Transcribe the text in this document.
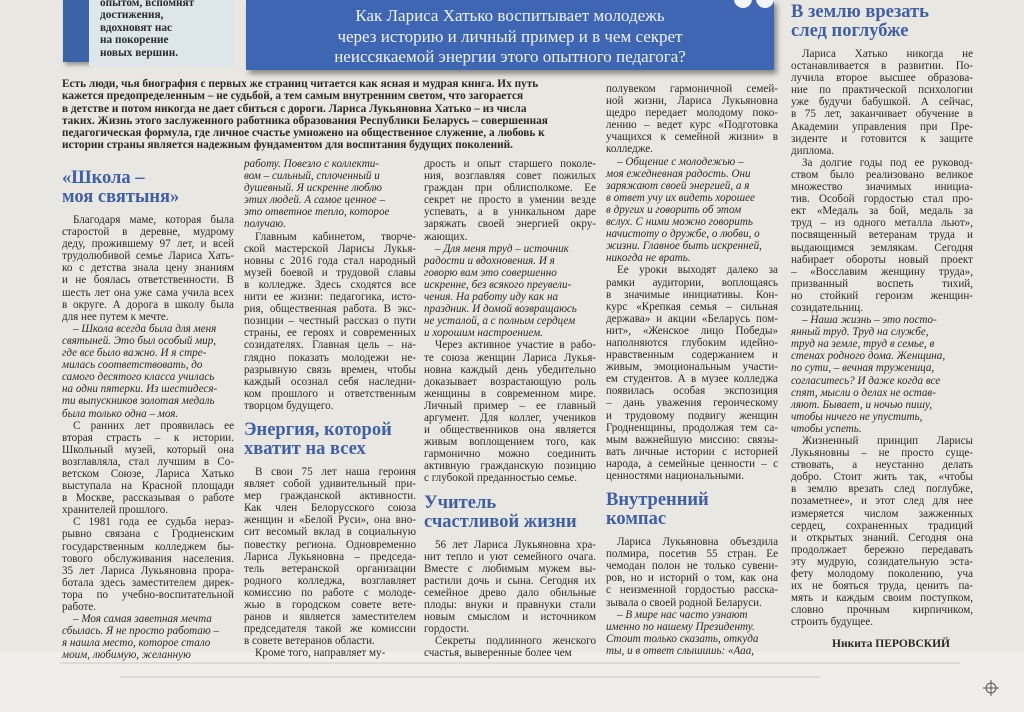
опытом, вспомнят
достижения,
вдохновят нас
на покорение
новых вершин.
Как Лариса Хатько воспитывает молодежь
через историю и личный пример и в чем секрет
неиссякаемой энергии этого опытного педагога?
Есть люди, чья биография с первых же страниц читается как ясная и мудрая книга. Их путь
кажется предопределенным – не судьбой, а тем самым внутренним светом, что загорается
в детстве и потом никогда не дает сбиться с дороги. Лариса Лукьяновна Хатько – из числа
таких. Жизнь этого заслуженного работника образования Республики Беларусь – совершенная
педагогическая формула, где личное счастье умножено на общественное служение, а любовь к
истории страны является надежным фундаментом для воспитания будущих поколений.
«Школа –
моя святыня»
Благодаря маме, которая была
старостой в деревне, мудрому
деду, прожившему 97 лет, и всей
трудолюбивой семье Лариса Хать-
ко с детства знала цену знаниям
и не боялась ответственности. В
шесть лет она уже сама учила всех
в округе. А дорога в школу была
для нее путем к мечте.
– Школа всегда была для меня
святыней. Это был особый мир,
где все было важно. И я стре-
милась соответствовать, до
самого десятого класса училась
на одни пятерки. Из шестидеся-
ти выпускников золотая медаль
была только одна – моя.
С ранних лет проявилась ее
вторая страсть – к истории.
Школьный музей, который она
возглавляла, стал лучшим в Со-
ветском Союзе, Лариса Хатько
выступала на Красной площади
в Москве, рассказывая о работе
хранителей прошлого.
С 1981 года ее судьба нераз-
рывно связана с Гродненским
государственным колледжем бы-
тового обслуживания населения.
35 лет Лариса Лукьяновна прора-
ботала здесь заместителем дирек-
тора по учебно-воспитательной
работе.
– Моя самая заветная мечта
сбылась. Я не просто работаю –
я нашла место, которое стало
моим, любимую, желанную
работу. Повезло с коллекти-
вом – сильный, сплоченный и
душевный. Я искренне люблю
этих людей. А самое ценное –
это ответное тепло, которое
получаю.
Главным кабинетом, творче-
ской мастерской Ларисы Лукья-
новны с 2016 года стал народный
музей боевой и трудовой славы
в колледже. Здесь сходятся все
нити ее жизни: педагогика, исто-
рия, общественная работа. В экс-
позиции – честный рассказ о пути
страны, ее героях и современных
созидателях. Главная цель – на-
глядно показать молодежи не-
разрывную связь времен, чтобы
каждый осознал себя наследни-
ком прошлого и ответственным
творцом будущего.
Энергия, которой
хватит на всех
В свои 75 лет наша героиня
являет собой удивительный при-
мер гражданской активности.
Как член Белорусского союза
женщин и «Белой Руси», она вно-
сит весомый вклад в социальную
повестку региона. Одновременно
Лариса Лукьяновна – председа-
тель ветеранской организации
родного колледжа, возглавляет
комиссию по работе с молоде-
жью в городском совете вете-
ранов и является заместителем
председателя такой же комиссии
в совете ветеранов области.
Кроме того, направляет му-
дрость и опыт старшего поколе-
ния, возглавляя совет пожилых
граждан при облисполкоме. Ее
секрет не просто в умении везде
успевать, а в уникальном даре
заряжать своей энергией окру-
жающих.
– Для меня труд – источник
радости и вдохновения. И я
говорю вам это совершенно
искренне, без всякого преувели-
чения. На работу иду как на
праздник. И домой возвращаюсь
не усталой, а с полным сердцем
и хорошим настроением.
Через активное участие в рабо-
те союза женщин Лариса Лукья-
новна каждый день убедительно
доказывает возрастающую роль
женщины в современном мире.
Личный пример – ее главный
аргумент. Для коллег, учеников
и общественников она является
живым воплощением того, как
гармонично можно соединить
активную гражданскую позицию
с глубокой преданностью семье.
Учитель
счастливой жизни
56 лет Лариса Лукьяновна хра-
нит тепло и уют семейного очага.
Вместе с любимым мужем вы-
растили дочь и сына. Сегодня их
семейное древо дало обильные
плоды: внуки и правнуки стали
новым смыслом и источником
гордости.
Секреты подлинного женского
счастья, выверенные более чем
полувеком гармоничной семей-
ной жизни, Лариса Лукьяновна
щедро передает молодому поко-
лению – ведет курс «Подготовка
учащихся к семейной жизни» в
колледже.
– Общение с молодежью –
моя ежедневная радость. Они
заряжают своей энергией, а я
в ответ учу их видеть хорошее
в других и говорить об этом
вслух. С ними можно говорить
начистоту о дружбе, о любви, о
жизни. Главное быть искренней,
никогда не врать.
Ее уроки выходят далеко за
рамки аудитории, воплощаясь
в значимые инициативы. Кон-
курс «Крепкая семья – сильная
держава» и акции «Беларусь пом-
нит», «Женское лицо Победы»
наполняются глубоким идейно-
нравственным содержанием и
живым, эмоциональным участи-
ем студентов. А в музее колледжа
появилась особая экспозиция
– дань уважения героическому
и трудовому подвигу женщин
Гродненщины, продолжая тем са-
мым важнейшую миссию: связы-
вать личные истории с историей
народа, а семейные ценности – с
ценностями национальными.
Внутренний
компас
Лариса Лукьяновна объездила
полмира, посетив 55 стран. Ее
чемодан полон не только сувени-
ров, но и историй о том, как она
с неизменной гордостью расска-
зывала о своей родной Беларуси.
– В мире нас часто узнают
именно по нашему Президенту.
Стоит только сказать, откуда
ты, и в ответ слышишь: «Ааа,
В землю врезать
след поглубже
Лариса Хатько никогда не
останавливается в развитии. По-
лучила второе высшее образова-
ние по практической психологии
уже будучи бабушкой. А сейчас,
в 75 лет, заканчивает обучение в
Академии управления при Пре-
зиденте и готовится к защите
диплома.
За долгие годы под ее руковод-
ством было реализовано великое
множество значимых инициа-
тив. Особой гордостью стал про-
ект «Медаль за бой, медаль за
труд – из одного металла льют»,
посвященный ветеранам труда и
выдающимся землякам. Сегодня
набирает обороты новый проект
– «Восславим женщину труда»,
призванный воспеть тихий,
но стойкий героизм женщин-
созидательниц.
– Наша жизнь – это посто-
янный труд. Труд на службе,
труд на земле, труд в семье, в
стенах родного дома. Женщина,
по сути, – вечная труженица,
согласитесь? И даже когда все
спят, мысли о делах не остав-
ляют. Бывает, и ночью пишу,
чтобы ничего не упустить,
чтобы успеть.
Жизненный принцип Ларисы
Лукьяновны – не просто суще-
ствовать, а неустанно делать
добро. Стоит жить так, «чтобы
в землю врезать след поглубже,
позаметнее», и этот след для нее
измеряется числом зажженных
сердец, сохраненных традиций
и открытых знаний. Сегодня она
продолжает бережно передавать
эту мудрую, созидательную эста-
фету молодому поколению, уча
их не бояться труда, ценить па-
мять и каждым своим поступком,
словно прочным кирпичиком,
строить будущее.
Никита ПЕРОВСКИЙ
